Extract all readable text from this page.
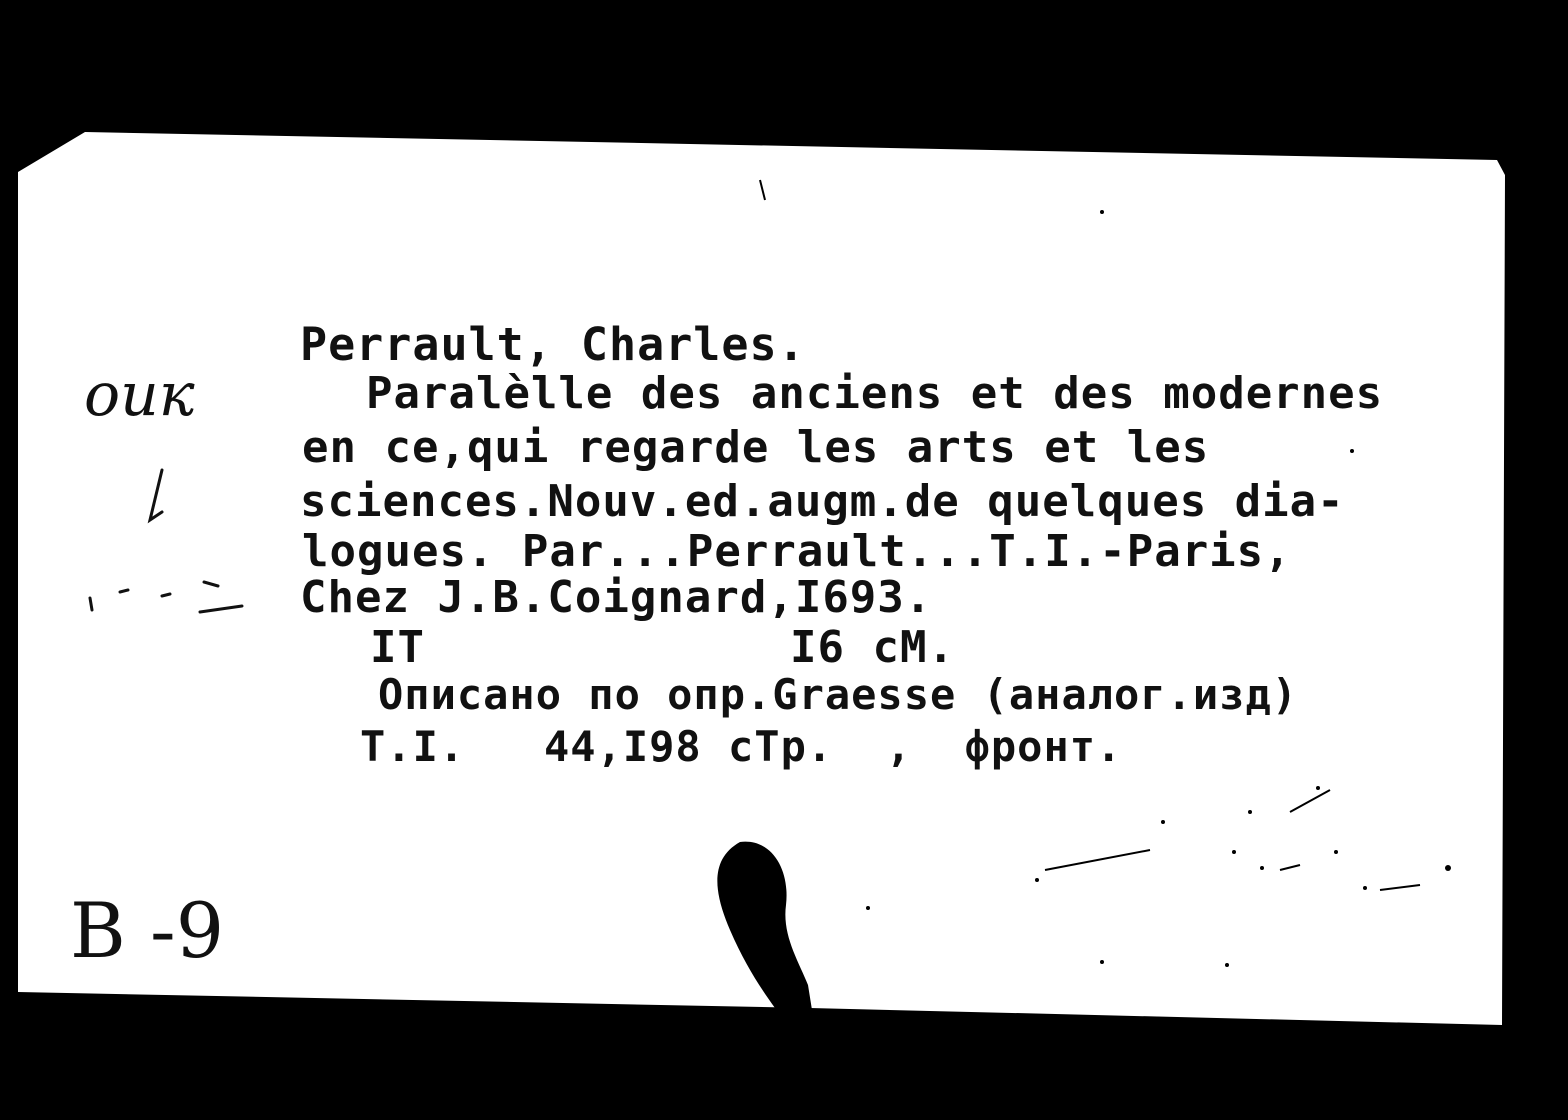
ouк
B -9
Perrault, Charles.
Paralèlle des anciens et des modernes
en ce,qui regarde les arts et les
sciences.Nouv.ed.augm.de quelques dia-
logues. Par...Perrault...T.I.-Paris,
Chez J.B.Coignard,I693.
IT	I6 cM.
Описано по опр.Graesse (аналог.изд)
T.I.   44,I98 cTp.  ,  фронт.
